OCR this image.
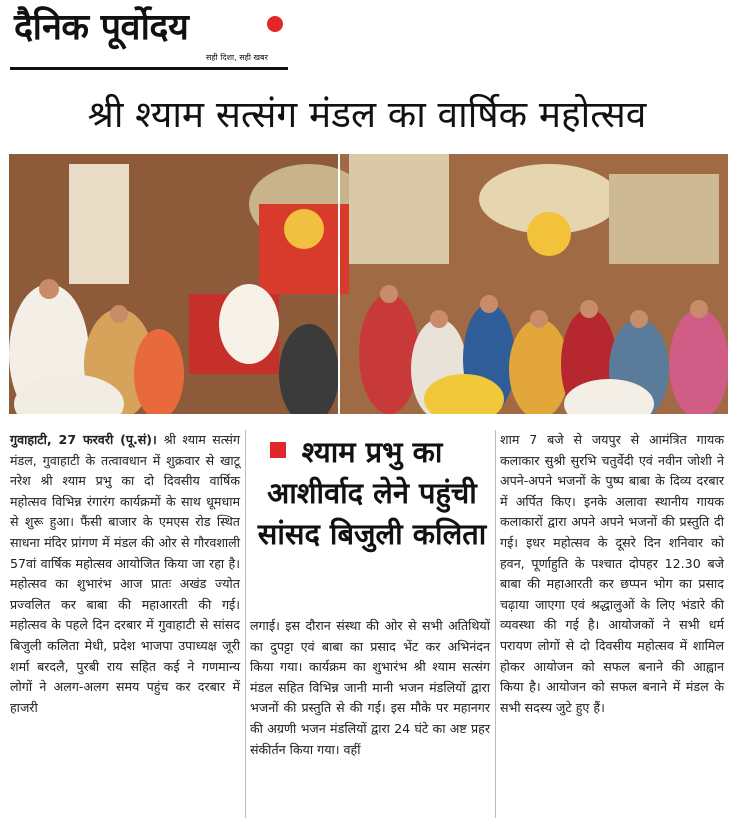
दैनिक पूर्वोदय
सही दिशा, सही खबर
श्री श्याम सत्संग मंडल का वार्षिक महोत्सव
गुवाहाटी, 27 फरवरी (पू.सं)। श्री श्याम सत्संग मंडल, गुवाहाटी के तत्वावधान में शुक्रवार से खाटू नरेश श्री श्याम प्रभु का दो दिवसीय वार्षिक महोत्सव विभिन्न रंगारंग कार्यक्रमों के साथ धूमधाम से शुरू हुआ। फैंसी बाजार के एमएस रोड स्थित साधना मंदिर प्रांगण में मंडल की ओर से गौरवशाली 57वां वार्षिक महोत्सव आयोजित किया जा रहा है। महोत्सव का शुभारंभ आज प्रातः अखंड ज्योत प्रज्वलित कर बाबा की महाआरती की गई। महोत्सव के पहले दिन दरबार में गुवाहाटी से सांसद बिजुली कलिता मेधी, प्रदेश भाजपा उपाध्यक्ष जूरी शर्मा बरदलै, पुरबी राय सहित कई ने गणमान्य लोगों ने अलग-अलग समय पहुंच कर दरबार में हाजरी
श्याम प्रभु का आशीर्वाद लेने पहुंची सांसद बिजुली कलिता
लगाई। इस दौरान संस्था की ओर से सभी अतिथियों का दुपट्टा एवं बाबा का प्रसाद भेंट कर अभिनंदन किया गया। कार्यक्रम का शुभारंभ श्री श्याम सत्संग मंडल सहित विभिन्न जानी मानी भजन मंडलियों द्वारा भजनों की प्रस्तुति से की गई। इस मौके पर महानगर की अग्रणी भजन मंडलियों द्वारा 24 घंटे का अष्ट प्रहर संकीर्तन किया गया। वहीं
शाम 7 बजे से जयपुर से आमंत्रित गायक कलाकार सुश्री सुरभि चतुर्वेदी एवं नवीन जोशी ने अपने-अपने भजनों के पुष्प बाबा के दिव्य दरबार में अर्पित किए। इनके अलावा स्थानीय गायक कलाकारों द्वारा अपने अपने भजनों की प्रस्तुति दी गई। इधर महोत्सव के दूसरे दिन शनिवार को हवन, पूर्णाहुति के पश्चात दोपहर 12.30 बजे बाबा की महाआरती कर छप्पन भोग का प्रसाद चढ़ाया जाएगा एवं श्रद्धालुओं के लिए भंडारे की व्यवस्था की गई है। आयोजकों ने सभी धर्म परायण लोगों से दो दिवसीय महोत्सव में शामिल होकर आयोजन को सफल बनाने की आह्वान किया है। आयोजन को सफल बनाने में मंडल के सभी सदस्य जुटे हुए हैं।
